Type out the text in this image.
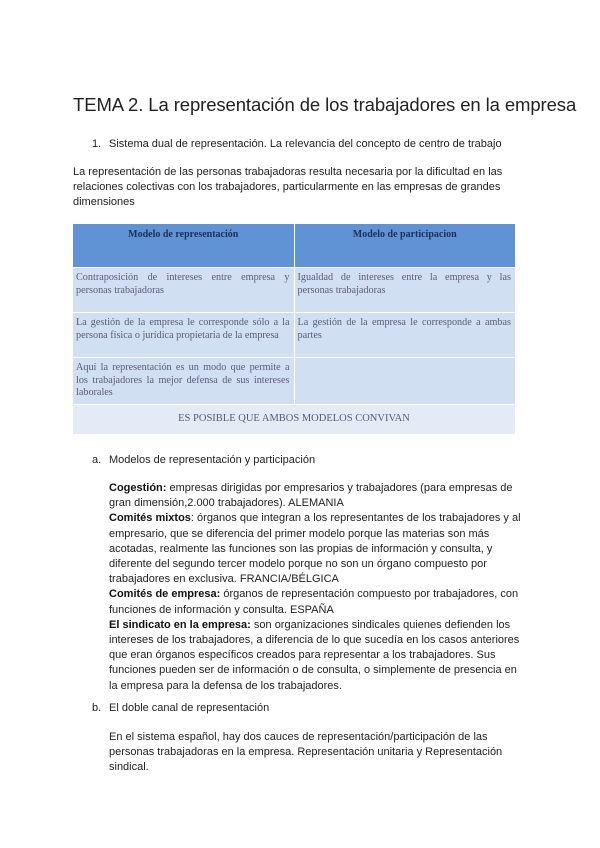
TEMA 2. La representación de los trabajadores en la empresa
1. Sistema dual de representación. La relevancia del concepto de centro de trabajo

La representación de las personas trabajadoras resulta necesaria por la dificultad en las relaciones colectivas con los trabajadores, particularmente en las empresas de grandes dimensiones

Modelo de representación	Modelo de participacion
Contraposición de intereses entre empresa y personas trabajadoras	Igualdad de intereses entre la empresa y las personas trabajadoras
La gestión de la empresa le corresponde sólo a la persona física o jurídica propietaria de la empresa	La gestión de la empresa le corresponde a ambas partes
Aquí la representación es un modo que permite a los trabajadores la mejor defensa de sus intereses laborales	
ES POSIBLE QUE AMBOS MODELOS CONVIVAN	
a. Modelos de representación y participación

Cogestión: empresas dirigidas por empresarios y trabajadores (para empresas de gran dimensión,2.000 trabajadores). ALEMANIA

Comités mixtos: órganos que integran a los representantes de los trabajadores y al empresario, que se diferencia del primer modelo porque las materias son más acotadas, realmente las funciones son las propias de información y consulta, y diferente del segundo tercer modelo porque no son un órgano compuesto por trabajadores en exclusiva. FRANCIA/BÉLGICA

Comités de empresa: órganos de representación compuesto por trabajadores, con funciones de información y consulta. ESPAÑA

El sindicato en la empresa: son organizaciones sindicales quienes defienden los intereses de los trabajadores, a diferencia de lo que sucedía en los casos anteriores que eran órganos específicos creados para representar a los trabajadores. Sus funciones pueden ser de información o de consulta, o simplemente de presencia en la empresa para la defensa de los trabajadores.

b. El doble canal de representación

En el sistema español, hay dos cauces de representación/participación de las personas trabajadoras en la empresa. Representación unitaria y Representación sindical.
